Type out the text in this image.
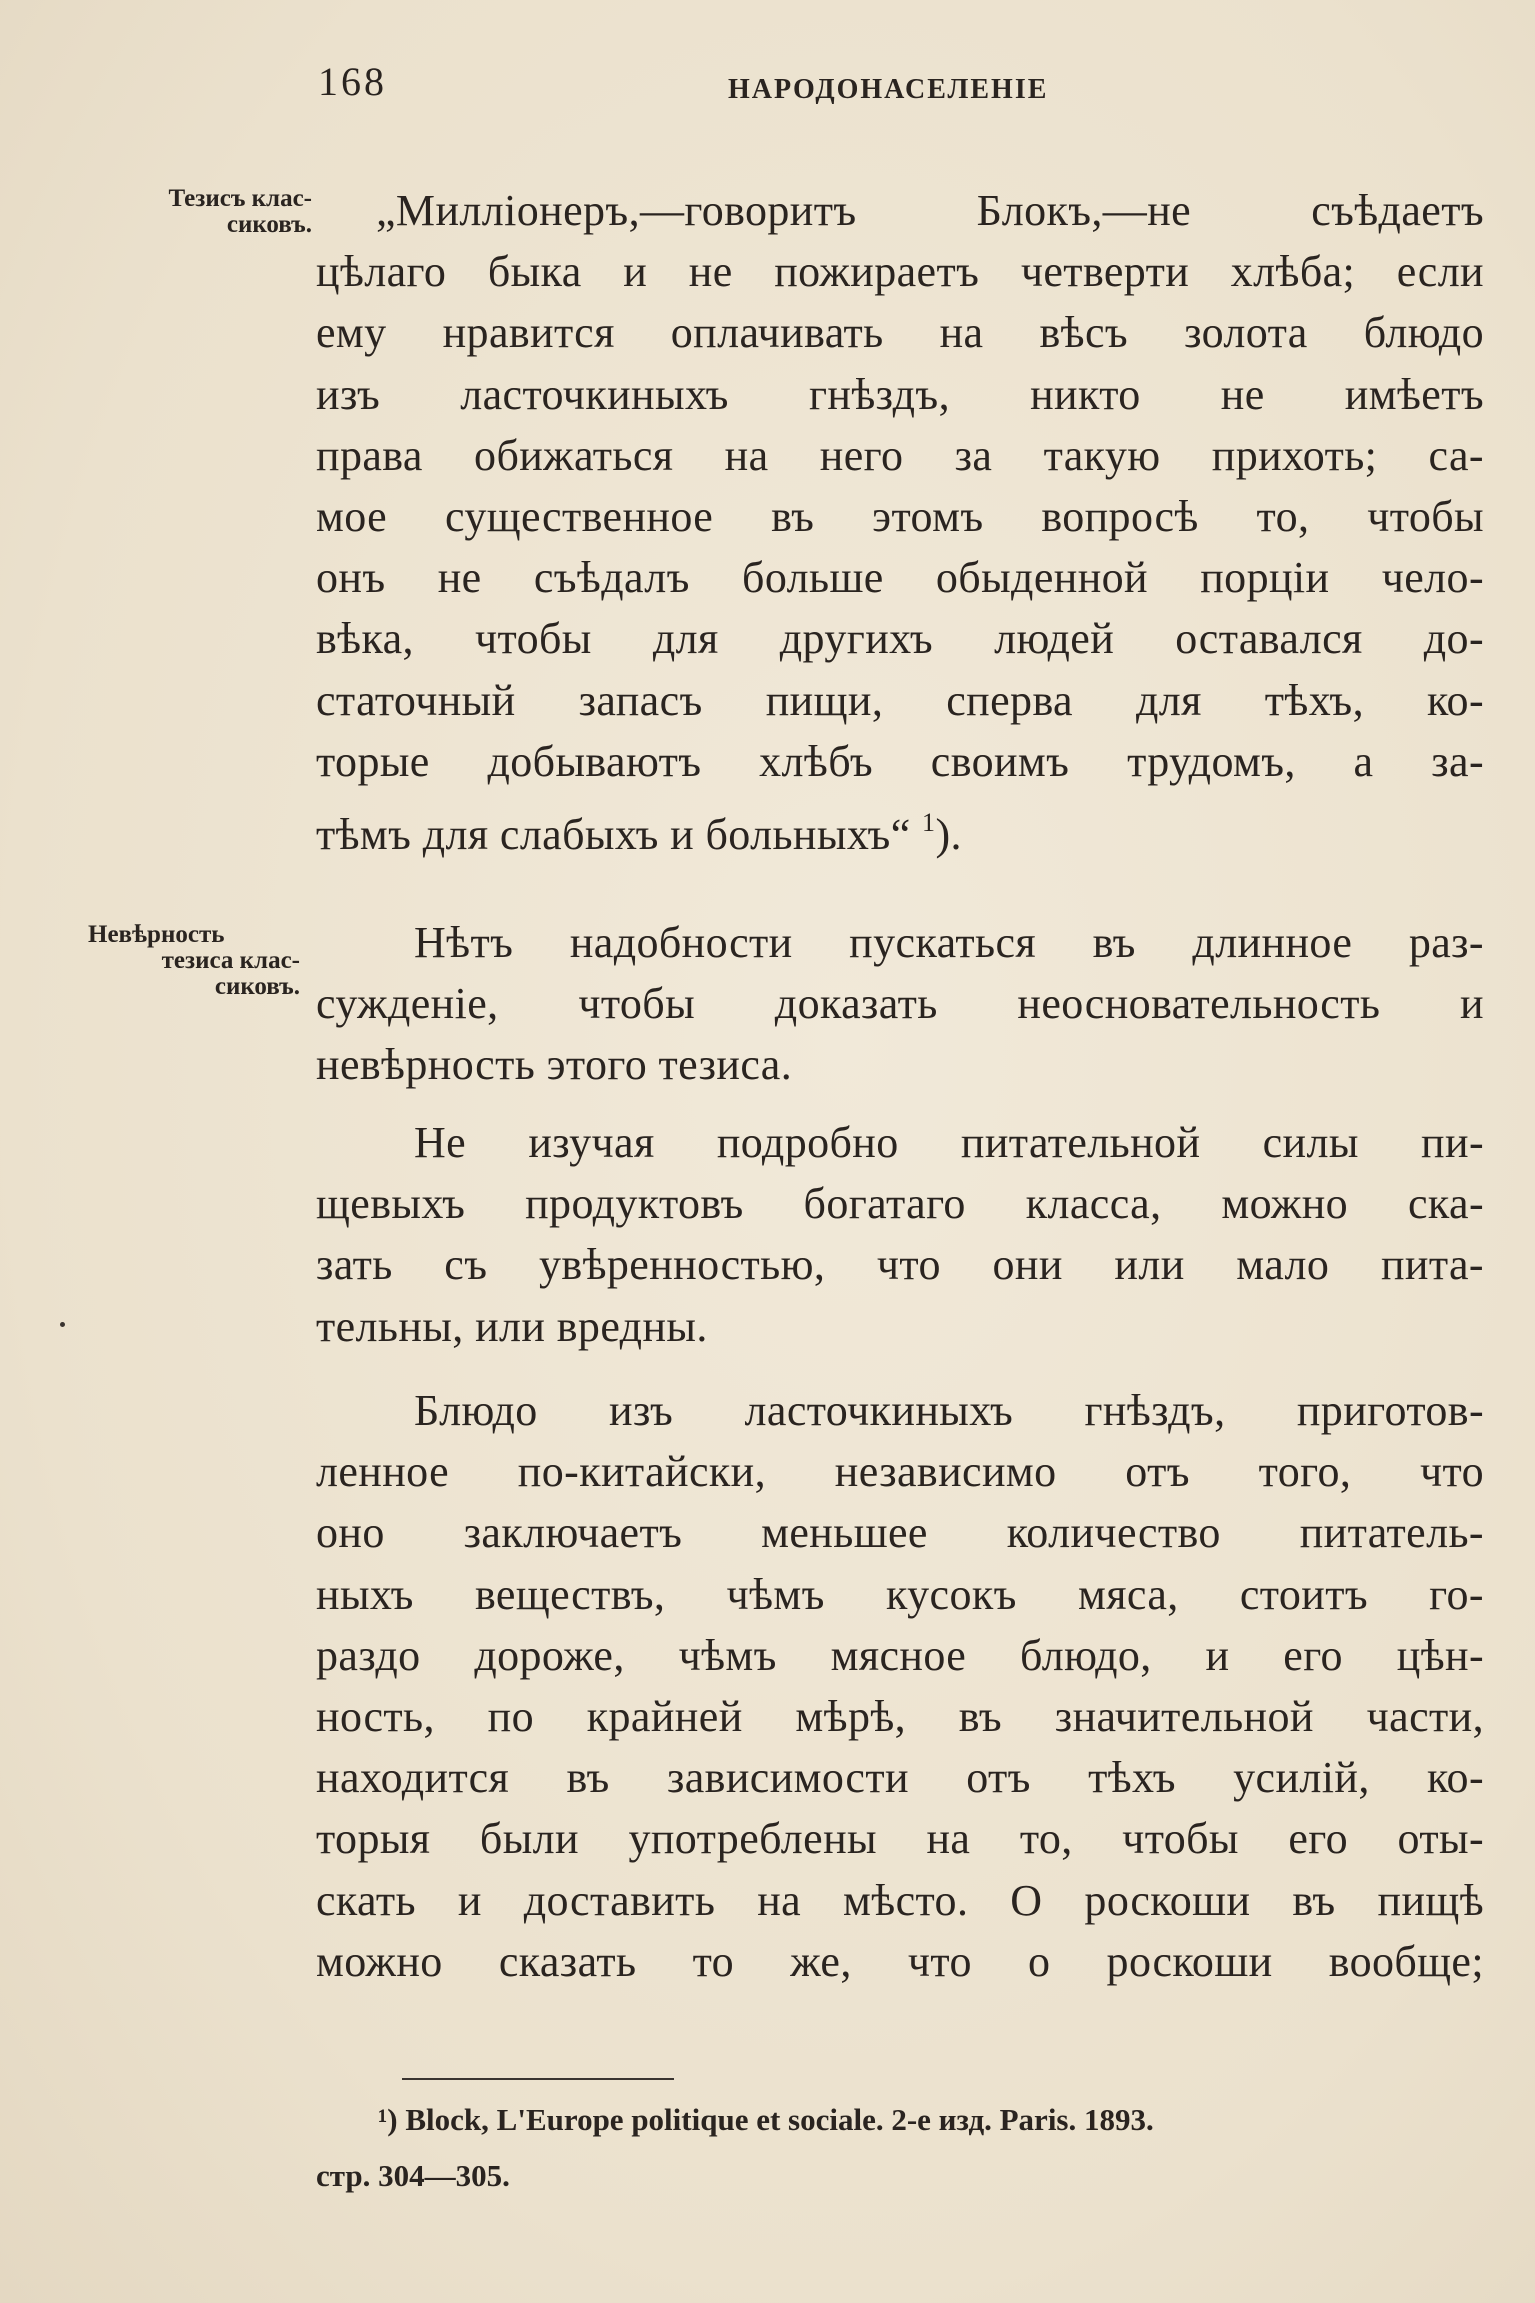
168	НАРОДОНАСЕЛЕНІЕ
Тезисъ клас-
сиковъ.
Невѣрность
тезиса клас-
сиковъ.
„Милліонеръ,—говоритъ Блокъ,—не съѣдаетъ
цѣлаго быка и не пожираетъ четверти хлѣба; если
ему нравится оплачивать на вѣсъ золота блюдо
изъ ласточкиныхъ гнѣздъ, никто не имѣетъ
права обижаться на него за такую прихоть; са-
мое существенное въ этомъ вопросѣ то, чтобы
онъ не съѣдалъ больше обыденной порціи чело-
вѣка, чтобы для другихъ людей оставался до-
статочный запасъ пищи, сперва для тѣхъ, ко-
торые добываютъ хлѣбъ своимъ трудомъ, а за-
тѣмъ для слабыхъ и больныхъ“ $^1$).
Нѣтъ надобности пускаться въ длинное раз-
сужденіе, чтобы доказать неосновательность и
невѣрность этого тезиса.
Не изучая подробно питательной силы пи-
щевыхъ продуктовъ богатаго класса, можно ска-
зать съ увѣренностью, что они или мало пита-
тельны, или вредны.
Блюдо изъ ласточкиныхъ гнѣздъ, приготов-
ленное по-китайски, независимо отъ того, что
оно заключаетъ меньшее количество питатель-
ныхъ веществъ, чѣмъ кусокъ мяса, стоитъ го-
раздо дороже, чѣмъ мясное блюдо, и его цѣн-
ность, по крайней мѣрѣ, въ значительной части,
находится въ зависимости отъ тѣхъ усилій, ко-
торыя были употреблены на то, чтобы его оты-
скать и доставить на мѣсто. О роскоши въ пищѣ
можно сказать то же, что о роскоши вообще;
¹) Block, L'Europe politique et sociale. 2-е изд. Paris. 1893.
стр. 304—305.
